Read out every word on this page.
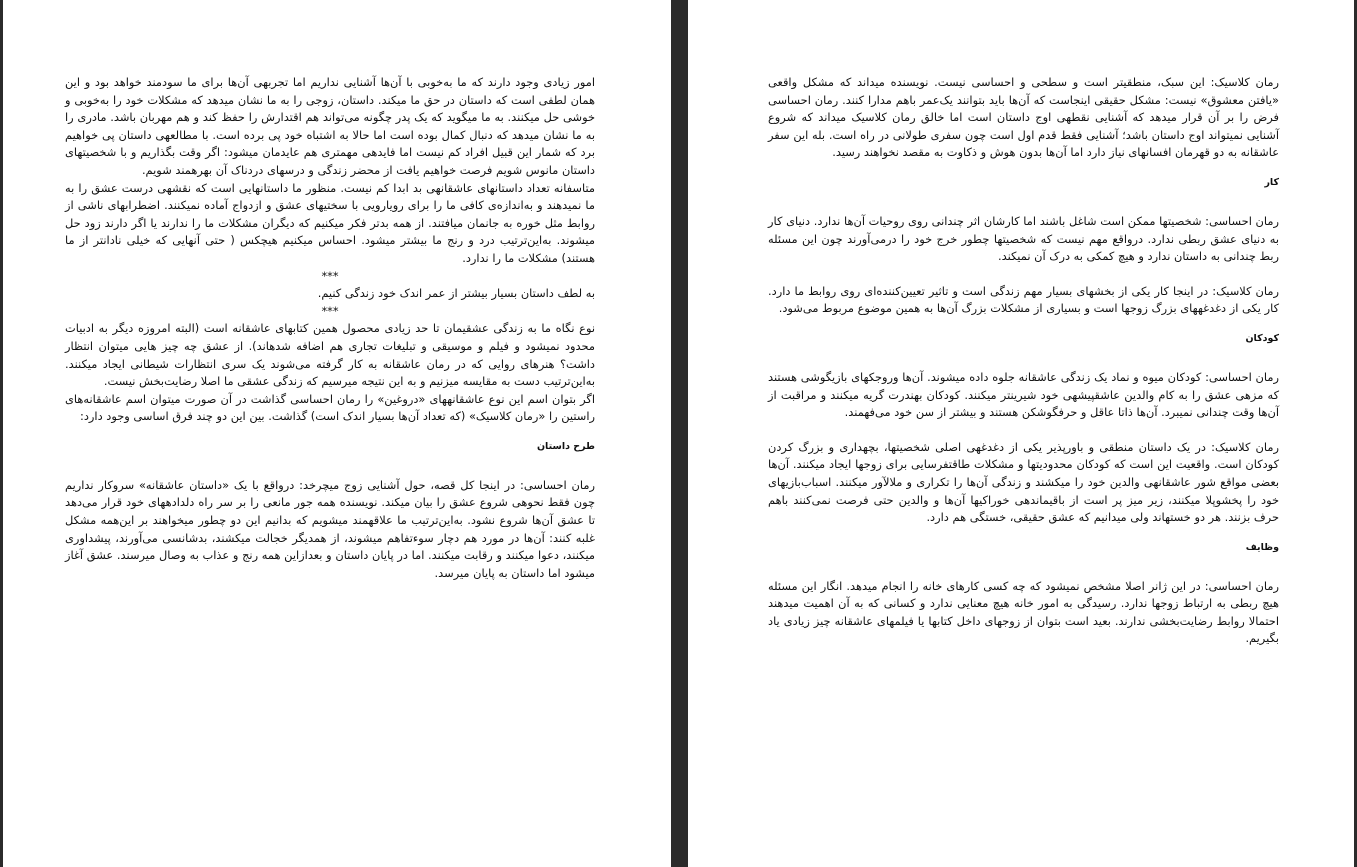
امور زیادی وجود دارند که ما به‌خوبی با آن‌ها آشنایی نداریم اما تجربهی آن‌ها برای ما سودمند خواهد بود و این همان لطفی است که داستان در حق ما میکند. داستان، زوجی را به ما نشان میدهد که مشکلات خود را به‌خوبی و خوشی حل میکنند. به ما میگوید که یک پدر چگونه می‌تواند هم اقتدارش را حفظ کند و هم مهربان باشد. مادری را به ما نشان میدهد که دنبال کمال بوده است اما حالا به اشتباه خود پی برده است. با مطالعهی داستان پی خواهیم برد که شمار این قبیل افراد کم نیست اما فایدهی مهمتری هم عایدمان میشود: اگر وقت بگذاریم و با شخصیتهای داستان مانوس شویم فرصت خواهیم یافت از محضر زندگی و درسهای دردناک آن بهرهمند شویم.

متاسفانه تعداد داستانهای عاشقانهی بد ابدا کم نیست. منظور ما داستانهایی است که نقشهی درست عشق را به ما نمیدهند و به‌اندازه‌ی کافی ما را برای رویارویی با سختیهای عشق و ازدواج آماده نمیکنند. اضطرابهای ناشی از روابط مثل خوره به جانمان میافتند. از همه بدتر فکر میکنیم که دیگران مشکلات ما را ندارند یا اگر دارند زود حل میشوند. به‌این‌ترتیب درد و رنج ما بیشتر میشود. احساس میکنیم هیچکس ( حتی آنهایی که خیلی نادانتر از ما هستند) مشکلات ما را ندارد.

***

به لطف داستان بسیار بیشتر از عمر اندک خود زندگی کنیم.

***

نوع نگاه ما به زندگی عشقیمان تا حد زیادی محصول همین کتابهای عاشقانه است (البته امروزه دیگر به ادبیات محدود نمیشود و فیلم و موسیقی و تبلیغات تجاری هم اضافه شدهاند). از عشق چه چیز هایی میتوان انتظار داشت؟ هنرهای روایی که در رمان عاشقانه به کار گرفته می‌شوند یک سری انتظارات شیطانی ایجاد میکنند. به‌این‌ترتیب دست به مقایسه میزنیم و به این نتیجه میرسیم که زندگی عشقی ما اصلا رضایت‌بخش نیست.

اگر بتوان اسم این نوع عاشقانههای «دروغین» را رمان احساسی گذاشت در آن صورت میتوان اسم عاشقانه‌های راستین را «رمان کلاسیک» (که تعداد آن‌ها بسیار اندک است) گذاشت. بین این دو چند فرق اساسی وجود دارد:

طرح داستان

رمان احساسی: در اینجا کل قصه، حول آشنایی زوج میچرخد: درواقع با یک «داستان عاشقانه» سروکار نداریم چون فقط نحوهی شروع عشق را بیان میکند. نویسنده همه جور مانعی را بر سر راه دلدادههای خود قرار می‌دهد تا عشق آن‌ها شروع نشود. به‌این‌ترتیب ما علاقهمند میشویم که بدانیم این دو چطور میخواهند بر این‌همه مشکل غلبه کنند: آن‌ها در مورد هم دچار سوءتفاهم میشوند، از همدیگر خجالت میکشند، بدشانسی می‌آورند، پیشداوری میکنند، دعوا میکنند و رقابت میکنند. اما در پایان داستان و بعدازاین همه رنج و عذاب به وصال میرسند. عشق آغاز میشود اما داستان به پایان میرسد.

رمان کلاسیک: این سبک، منطقیتر است و سطحی و احساسی نیست. نویسنده میداند که مشکل واقعی «یافتن معشوق» نیست: مشکل حقیقی اینجاست که آن‌ها باید بتوانند یک‌عمر باهم مدارا کنند. رمان احساسی فرض را بر آن قرار میدهد که آشنایی نقطهی اوج داستان است اما خالق رمان کلاسیک میداند که شروع آشنایی نمیتواند اوج داستان باشد؛ آشنایی فقط قدم اول است چون سفری طولانی در راه است. بله این سفر عاشقانه به دو قهرمان افسانهای نیاز دارد اما آن‌ها بدون هوش و ذکاوت به مقصد نخواهند رسید.

کار

رمان احساسی: شخصیتها ممکن است شاغل باشند اما کارشان اثر چندانی روی روحیات آن‌ها ندارد. دنیای کار به دنیای عشق ربطی ندارد. درواقع مهم نیست که شخصیتها چطور خرج خود را درمی‌آورند چون این مسئله ربط چندانی به داستان ندارد و هیچ کمکی به درک آن نمیکند.

رمان کلاسیک: در اینجا کار یکی از بخشهای بسیار مهم زندگی است و تاثیر تعیین‌کننده‌ای روی روابط ما دارد. کار یکی از دغدغههای بزرگ زوجها است و بسیاری از مشکلات بزرگ آن‌ها به همین موضوع مربوط می‌شود.

کودکان

رمان احساسی: کودکان میوه و نماد یک زندگی عاشقانه جلوه داده میشوند. آن‌ها وروجکهای بازیگوشی هستند که مزهی عشق را به کام والدین عاشقپیشهی خود شیرینتر میکنند. کودکان بهندرت گریه میکنند و مراقبت از آن‌ها وقت چندانی نمیبرد. آن‌ها ذاتا عاقل و حرفگوشکن هستند و بیشتر از سن خود می‌فهمند.

رمان کلاسیک: در یک داستان منطقی و باورپذیر یکی از دغدغهی اصلی شخصیتها، بچهداری و بزرگ کردن کودکان است. واقعیت این است که کودکان محدودیتها و مشکلات طاقتفرسایی برای زوجها ایجاد میکنند. آن‌ها بعضی مواقع شور عاشقانهی والدین خود را میکشند و زندگی آن‌ها را تکراری و ملالآور میکنند. اسباب‌بازیهای خود را پخشوپلا میکنند، زیر میز پر است از باقیماندهی خوراکیها آن‌ها و والدین حتی فرصت نمی‌کنند باهم حرف بزنند. هر دو خستهاند ولی میدانیم که عشق حقیقی، خستگی هم دارد.

وظایف

رمان احساسی: در این ژانر اصلا مشخص نمیشود که چه کسی کارهای خانه را انجام میدهد. انگار این مسئله هیچ ربطی به ارتباط زوجها ندارد. رسیدگی به امور خانه هیچ معنایی ندارد و کسانی که به آن اهمیت میدهند احتمالا روابط رضایت‌بخشی ندارند. بعید است بتوان از زوجهای داخل کتابها یا فیلمهای عاشقانه چیز زیادی یاد بگیریم.
